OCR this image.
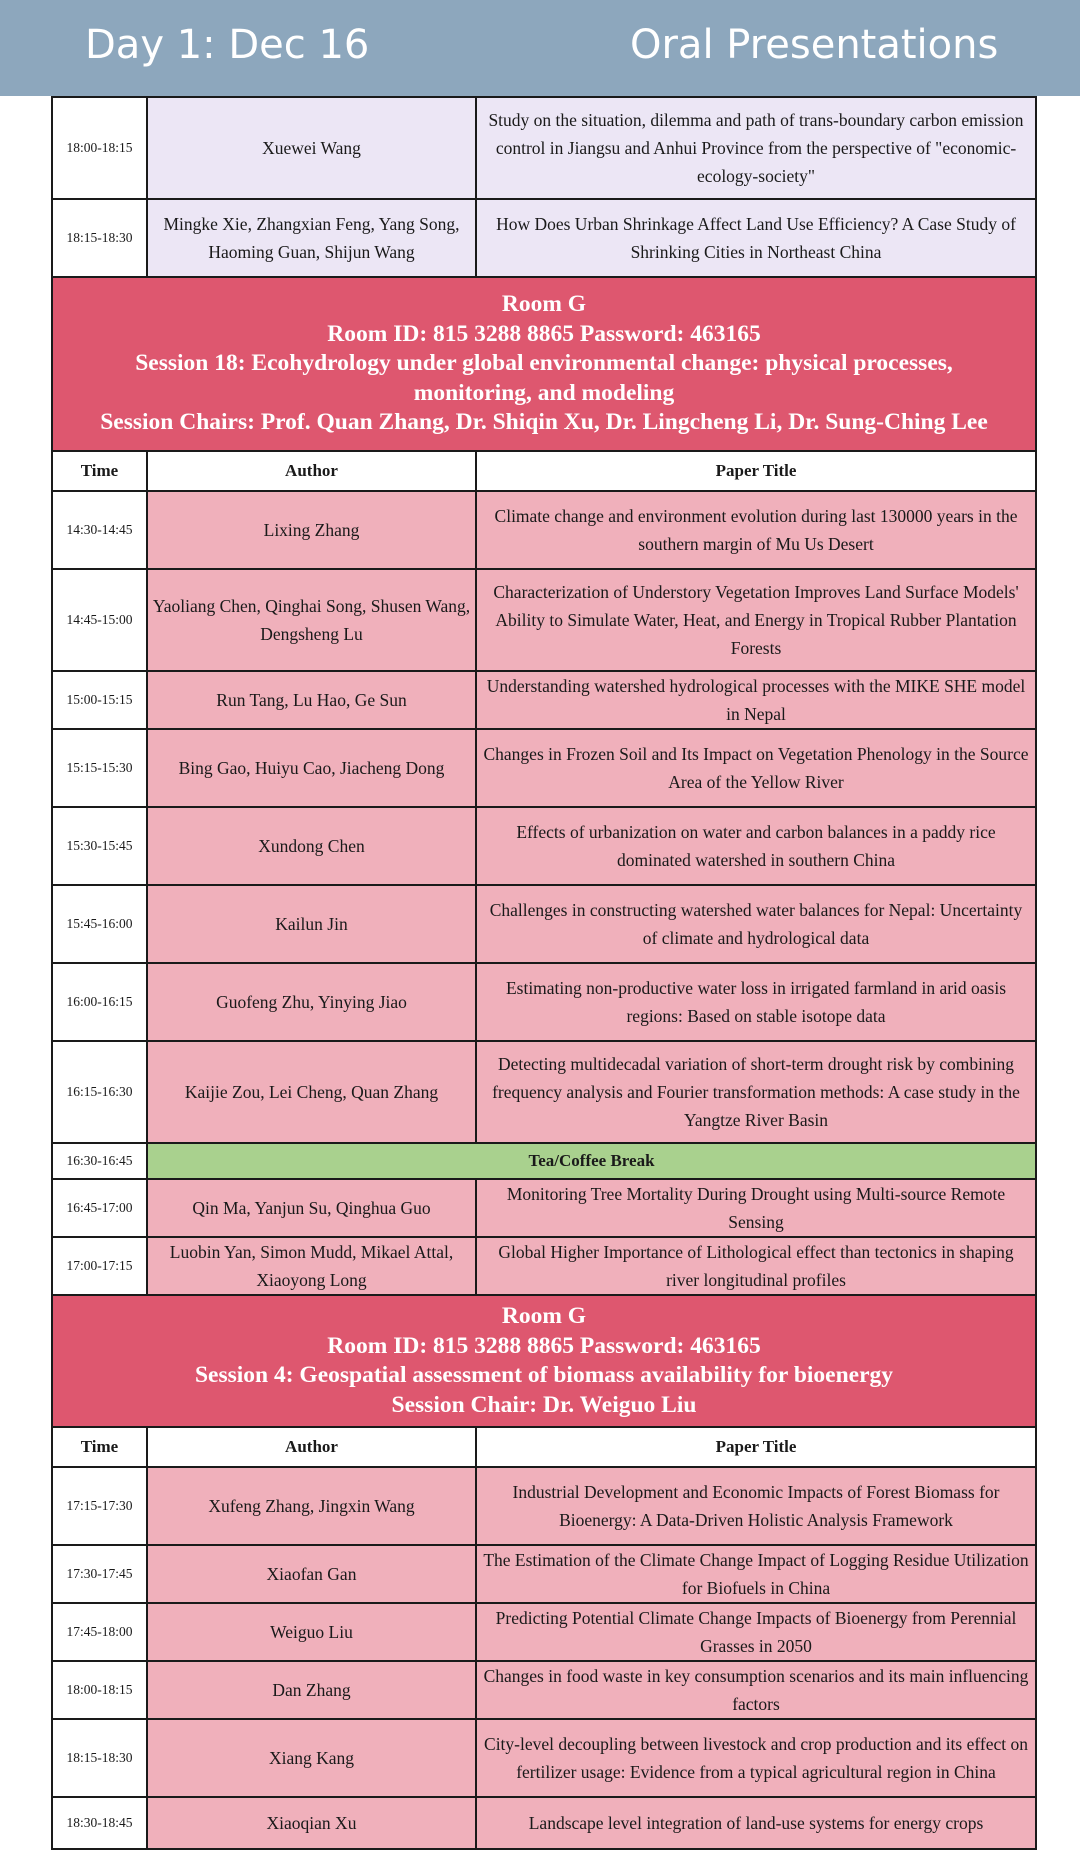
Day 1: Dec 16	Oral Presentations
18:00-18:15	Xuewei Wang	Study on the situation, dilemma and path of trans-boundary carbon emission control in Jiangsu and Anhui Province from the perspective of "economic-ecology-society"
18:15-18:30	Mingke Xie, Zhangxian Feng, Yang Song, Haoming Guan, Shijun Wang	How Does Urban Shrinkage Affect Land Use Efficiency? A Case Study of Shrinking Cities in Northeast China

Room G
Room ID: 815 3288 8865 Password: 463165
Session 18: Ecohydrology under global environmental change: physical processes,
monitoring, and modeling
Session Chairs: Prof. Quan Zhang, Dr. Shiqin Xu, Dr. Lingcheng Li, Dr. Sung-Ching Lee		

Time	Author	Paper Title
14:30-14:45	Lixing Zhang	Climate change and environment evolution during last 130000 years in the southern margin of Mu Us Desert
14:45-15:00	Yaoliang Chen, Qinghai Song, Shusen Wang, Dengsheng Lu	Characterization of Understory Vegetation Improves Land Surface Models' Ability to Simulate Water, Heat, and Energy in Tropical Rubber Plantation Forests
15:00-15:15	Run Tang, Lu Hao, Ge Sun	Understanding watershed hydrological processes with the MIKE SHE model in Nepal
15:15-15:30	Bing Gao, Huiyu Cao, Jiacheng Dong	Changes in Frozen Soil and Its Impact on Vegetation Phenology in the Source Area of the Yellow River
15:30-15:45	Xundong Chen	Effects of urbanization on water and carbon balances in a paddy rice dominated watershed in southern China
15:45-16:00	Kailun Jin	Challenges in constructing watershed water balances for Nepal: Uncertainty of climate and hydrological data
16:00-16:15	Guofeng Zhu, Yinying Jiao	Estimating non-productive water loss in irrigated farmland in arid oasis regions: Based on stable isotope data
16:15-16:30	Kaijie Zou, Lei Cheng, Quan Zhang	Detecting multidecadal variation of short-term drought risk by combining frequency analysis and Fourier transformation methods: A case study in the Yangtze River Basin
16:30-16:45	Tea/Coffee Break	
16:45-17:00	Qin Ma, Yanjun Su, Qinghua Guo	Monitoring Tree Mortality During Drought using Multi-source Remote Sensing
17:00-17:15	Luobin Yan, Simon Mudd, Mikael Attal, Xiaoyong Long	Global Higher Importance of Lithological effect than tectonics in shaping river longitudinal profiles

Room G
Room ID: 815 3288 8865 Password: 463165
Session 4: Geospatial assessment of biomass availability for bioenergy
Session Chair: Dr. Weiguo Liu		

Time	Author	Paper Title
17:15-17:30	Xufeng Zhang, Jingxin Wang	Industrial Development and Economic Impacts of Forest Biomass for Bioenergy: A Data-Driven Holistic Analysis Framework
17:30-17:45	Xiaofan Gan	The Estimation of the Climate Change Impact of Logging Residue Utilization for Biofuels in China
17:45-18:00	Weiguo Liu	Predicting Potential Climate Change Impacts of Bioenergy from Perennial Grasses in 2050
18:00-18:15	Dan Zhang	Changes in food waste in key consumption scenarios and its main influencing factors
18:15-18:30	Xiang Kang	City-level decoupling between livestock and crop production and its effect on fertilizer usage: Evidence from a typical agricultural region in China
18:30-18:45	Xiaoqian Xu	Landscape level integration of land-use systems for energy crops
